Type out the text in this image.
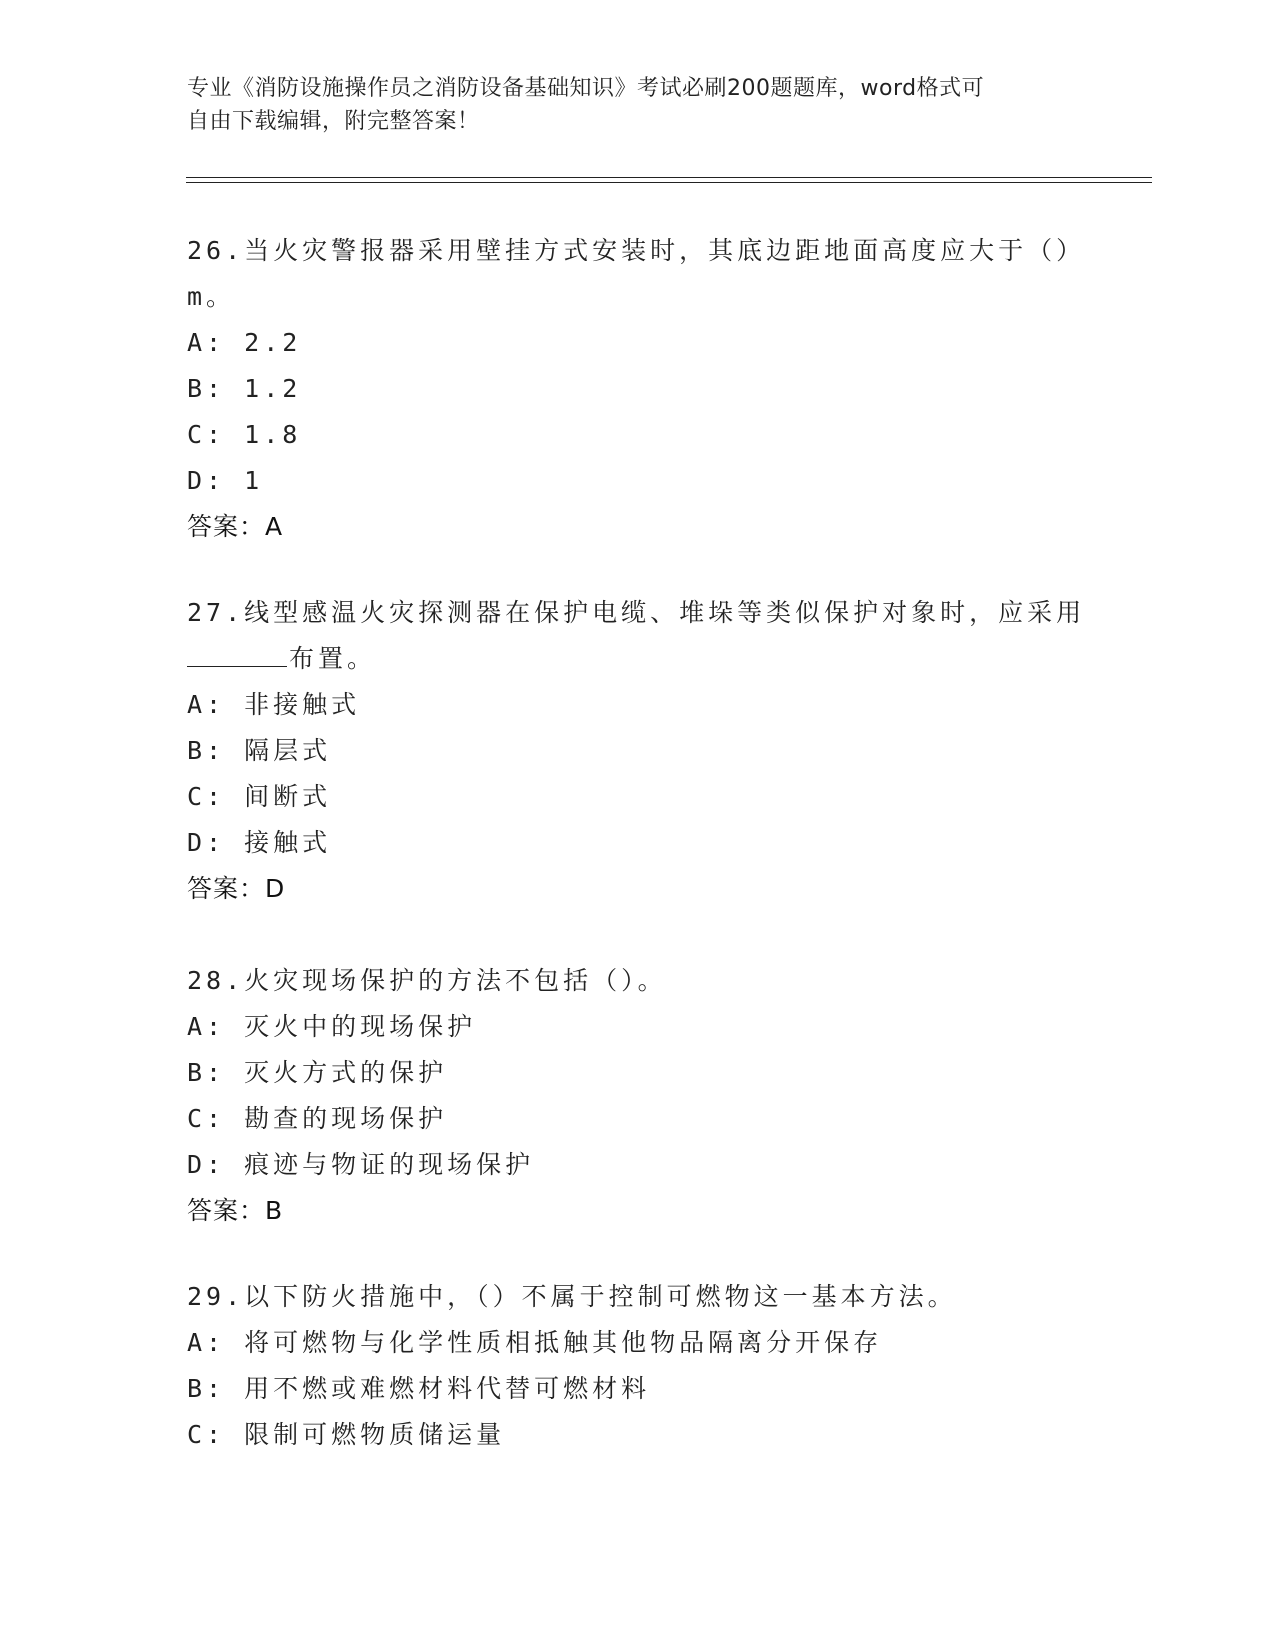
专业《消防设施操作员之消防设备基础知识》考试必刷200题题库，word格式可
自由下载编辑，附完整答案！
26.当火灾警报器采用壁挂方式安装时，其底边距地面高度应大于（）
m。
A: 2.2
B: 1.2
C: 1.8
D: 1
答案：A
27.线型感温火灾探测器在保护电缆、堆垛等类似保护对象时，应采用
布置。
A: 非接触式
B: 隔层式
C: 间断式
D: 接触式
答案：D
28.火灾现场保护的方法不包括（）。
A: 灭火中的现场保护
B: 灭火方式的保护
C: 勘查的现场保护
D: 痕迹与物证的现场保护
答案：B
29.以下防火措施中，（）不属于控制可燃物这一基本方法。
A: 将可燃物与化学性质相抵触其他物品隔离分开保存
B: 用不燃或难燃材料代替可燃材料
C: 限制可燃物质储运量
